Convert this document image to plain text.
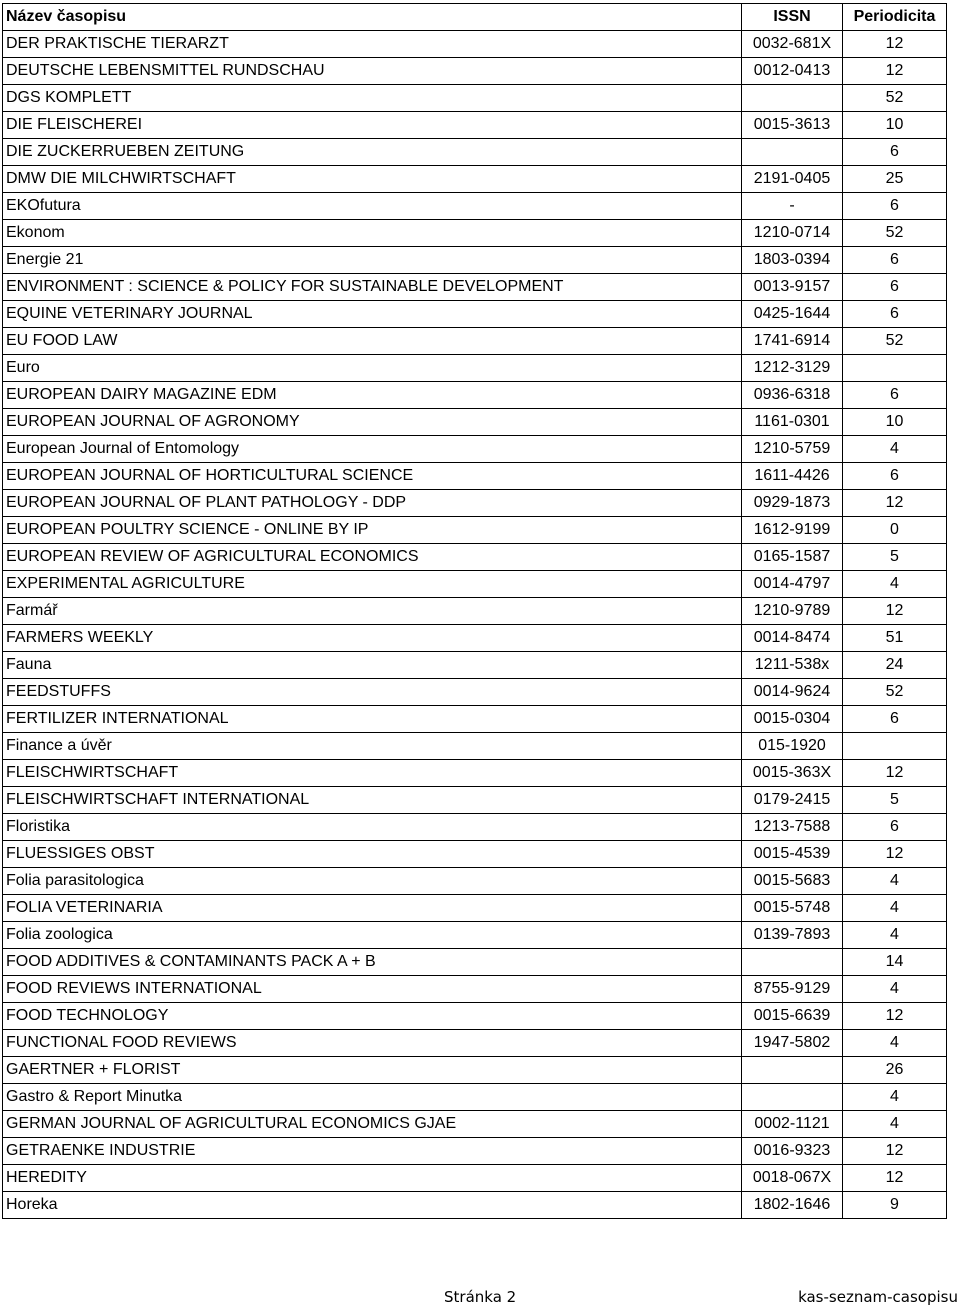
Název časopisu	ISSN	Periodicita
DER PRAKTISCHE TIERARZT	0032-681X	12
DEUTSCHE LEBENSMITTEL RUNDSCHAU	0012-0413	12
DGS KOMPLETT		52
DIE FLEISCHEREI	0015-3613	10
DIE ZUCKERRUEBEN ZEITUNG		6
DMW DIE MILCHWIRTSCHAFT	2191-0405	25
EKOfutura	-	6
Ekonom	1210-0714	52
Energie 21	1803-0394	6
ENVIRONMENT : SCIENCE & POLICY FOR SUSTAINABLE DEVELOPMENT	0013-9157	6
EQUINE VETERINARY JOURNAL	0425-1644	6
EU FOOD LAW	1741-6914	52
Euro	1212-3129	
EUROPEAN DAIRY MAGAZINE EDM	0936-6318	6
EUROPEAN JOURNAL OF AGRONOMY	1161-0301	10
European Journal of Entomology	1210-5759	4
EUROPEAN JOURNAL OF HORTICULTURAL SCIENCE	1611-4426	6
EUROPEAN JOURNAL OF PLANT PATHOLOGY - DDP	0929-1873	12
EUROPEAN POULTRY SCIENCE - ONLINE BY IP	1612-9199	0
EUROPEAN REVIEW OF AGRICULTURAL ECONOMICS	0165-1587	5
EXPERIMENTAL AGRICULTURE	0014-4797	4
Farmář	1210-9789	12
FARMERS WEEKLY	0014-8474	51
Fauna	1211-538x	24
FEEDSTUFFS	0014-9624	52
FERTILIZER INTERNATIONAL	0015-0304	6
Finance a úvěr	015-1920	
FLEISCHWIRTSCHAFT	0015-363X	12
FLEISCHWIRTSCHAFT INTERNATIONAL	0179-2415	5
Floristika	1213-7588	6
FLUESSIGES OBST	0015-4539	12
Folia parasitologica	0015-5683	4
FOLIA VETERINARIA	0015-5748	4
Folia zoologica	0139-7893	4
FOOD ADDITIVES & CONTAMINANTS PACK A + B		14
FOOD REVIEWS INTERNATIONAL	8755-9129	4
FOOD TECHNOLOGY	0015-6639	12
FUNCTIONAL FOOD REVIEWS	1947-5802	4
GAERTNER + FLORIST		26
Gastro & Report Minutka		4
GERMAN JOURNAL OF AGRICULTURAL ECONOMICS GJAE	0002-1121	4
GETRAENKE INDUSTRIE	0016-9323	12
HEREDITY	0018-067X	12
Horeka	1802-1646	9
Stránka 2	kas-seznam-casopisu
